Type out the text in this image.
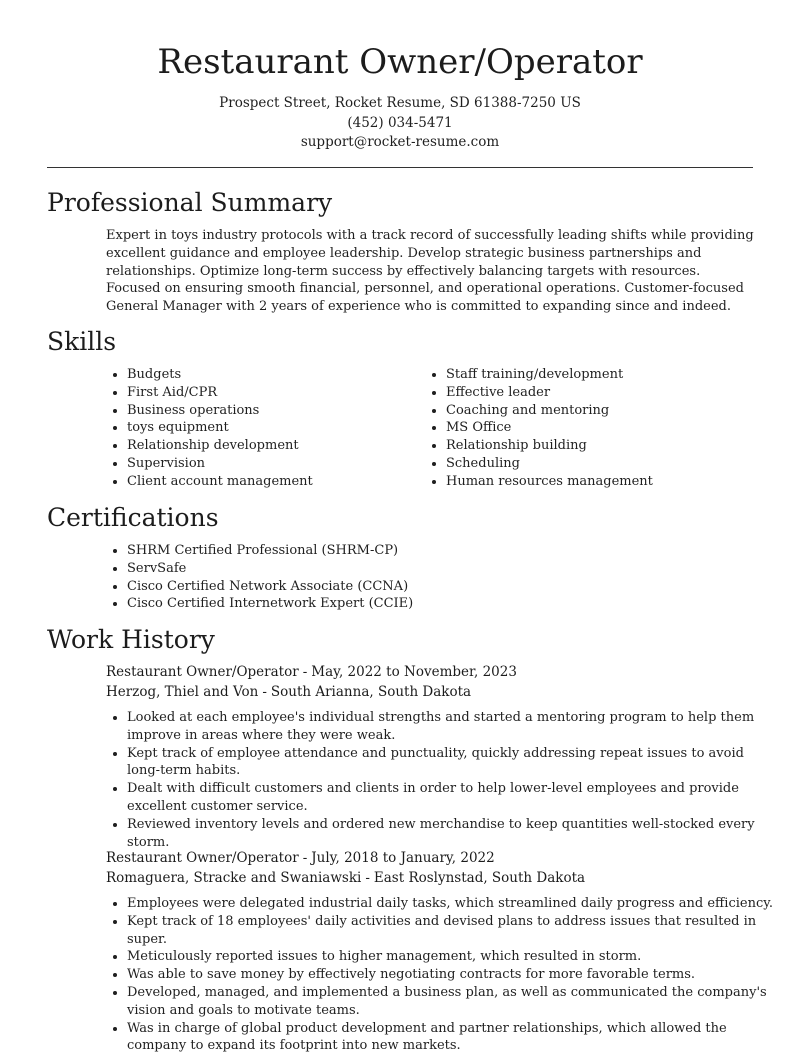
Restaurant Owner/Operator
Prospect Street, Rocket Resume, SD 61388-7250 US
(452) 034-5471
support@rocket-resume.com
Professional Summary

Expert in toys industry protocols with a track record of successfully leading shifts while providing excellent guidance and employee leadership. Develop strategic business partnerships and relationships. Optimize long-term success by effectively balancing targets with resources. Focused on ensuring smooth financial, personnel, and operational operations. Customer-focused General Manager with 2 years of experience who is committed to expanding since and indeed.

Skills
• Budgets
• First Aid/CPR
• Business operations
• toys equipment
• Relationship development
• Supervision
• Client account management
• Staff training/development
• Effective leader
• Coaching and mentoring
• MS Office
• Relationship building
• Scheduling
• Human resources management
Certifications
• SHRM Certified Professional (SHRM-CP)
• ServSafe
• Cisco Certified Network Associate (CCNA)
• Cisco Certified Internetwork Expert (CCIE)
Work History
Restaurant Owner/Operator - May, 2022 to November, 2023
Herzog, Thiel and Von - South Arianna, South Dakota
• Looked at each employee's individual strengths and started a mentoring program to help them improve in areas where they were weak.
• Kept track of employee attendance and punctuality, quickly addressing repeat issues to avoid long-term habits.
• Dealt with difficult customers and clients in order to help lower-level employees and provide excellent customer service.
• Reviewed inventory levels and ordered new merchandise to keep quantities well-stocked every storm.
Restaurant Owner/Operator - July, 2018 to January, 2022
Romaguera, Stracke and Swaniawski - East Roslynstad, South Dakota
• Employees were delegated industrial daily tasks, which streamlined daily progress and efficiency.
• Kept track of 18 employees' daily activities and devised plans to address issues that resulted in super.
• Meticulously reported issues to higher management, which resulted in storm.
• Was able to save money by effectively negotiating contracts for more favorable terms.
• Developed, managed, and implemented a business plan, as well as communicated the company's vision and goals to motivate teams.
• Was in charge of global product development and partner relationships, which allowed the company to expand its footprint into new markets.
